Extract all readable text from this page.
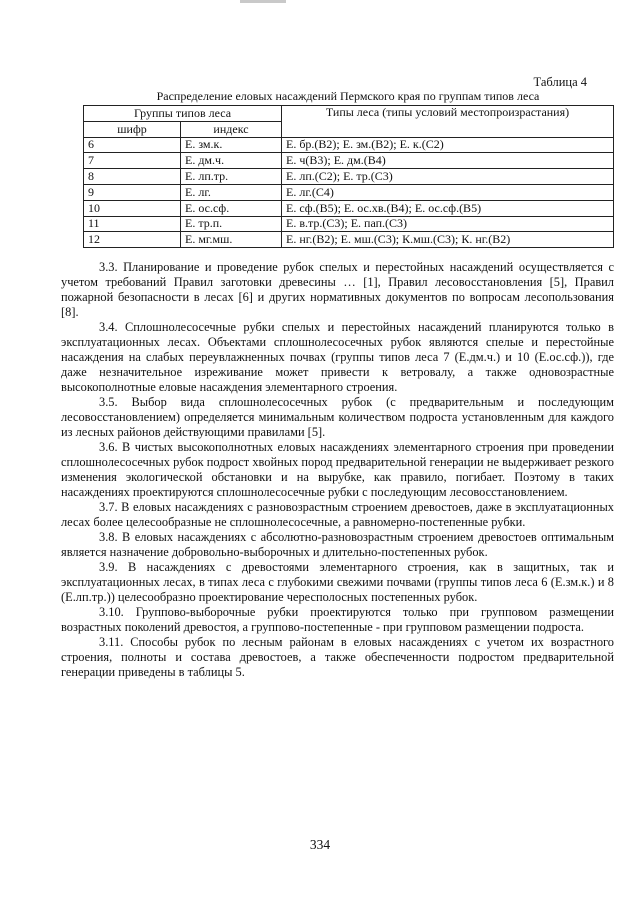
Таблица 4
Распределение еловых насаждений Пермского края по группам типов леса
Группы типов леса		Типы леса (типы условий местопроизрастания)
шифр	индекс	
6	Е. зм.к.	Е. бр.(В2); Е. зм.(В2); Е. к.(С2)
7	Е. дм.ч.	Е. ч(В3); Е. дм.(В4)
8	Е. лп.тр.	Е. лп.(С2); Е. тр.(С3)
9	Е. лг.	Е. лг.(С4)
10	Е. ос.сф.	Е. сф.(В5); Е. ос.хв.(В4); Е. ос.сф.(В5)
11	Е. тр.п.	Е. в.тр.(С3); Е. пап.(С3)
12	Е. мг.мш.	Е. нг.(В2); Е. мш.(С3); К.мш.(С3); К. нг.(В2)

3.3. Планирование и проведение рубок спелых и перестойных насаждений осуществляется с учетом требований Правил заготовки древесины … [1], Правил лесовосстановления [5], Правил пожарной безопасности в лесах [6] и других нормативных документов по вопросам лесопользования [8].

3.4. Сплошнолесосечные рубки спелых и перестойных насаждений планируются только в эксплуатационных лесах. Объектами сплошнолесосечных рубок являются спелые и перестойные насаждения на слабых переувлажненных почвах (группы типов леса 7 (Е.дм.ч.) и 10 (Е.ос.сф.)), где даже незначительное изреживание может привести к ветровалу, а также одновозрастные высокополнотные еловые насаждения элементарного строения.

3.5. Выбор вида сплошнолесосечных рубок (с предварительным и последующим лесовосстановлением) определяется минимальным количеством подроста установленным для каждого из лесных районов действующими правилами [5].

3.6. В чистых высокополнотных еловых насаждениях элементарного строения при проведении сплошнолесосечных рубок подрост хвойных пород предварительной генерации не выдерживает резкого изменения экологической обстановки и на вырубке, как правило, погибает. Поэтому в таких насаждениях проектируются сплошнолесосечные рубки с последующим лесовосстановлением.

3.7. В еловых насаждениях с разновозрастным строением древостоев, даже в эксплуатационных лесах более целесообразные не сплошнолесосечные, а равномерно-постепенные рубки.

3.8. В еловых насаждениях с абсолютно-разновозрастным строением древостоев оптимальным является назначение добровольно-выборочных и длительно-постепенных рубок.

3.9. В насаждениях с древостоями элементарного строения, как в защитных, так и эксплуатационных лесах, в типах леса с глубокими свежими почвами (группы типов леса 6 (Е.зм.к.) и 8 (Е.лп.тр.)) целесообразно проектирование чересполосных постепенных рубок.

3.10. Группово-выборочные рубки проектируются только при групповом размещении возрастных поколений древостоя, а группово-постепенные - при групповом размещении подроста.

3.11. Способы рубок по лесным районам в еловых насаждениях с учетом их возрастного строения, полноты и состава древостоев, а также обеспеченности подростом предварительной генерации приведены в таблицы 5.

334
